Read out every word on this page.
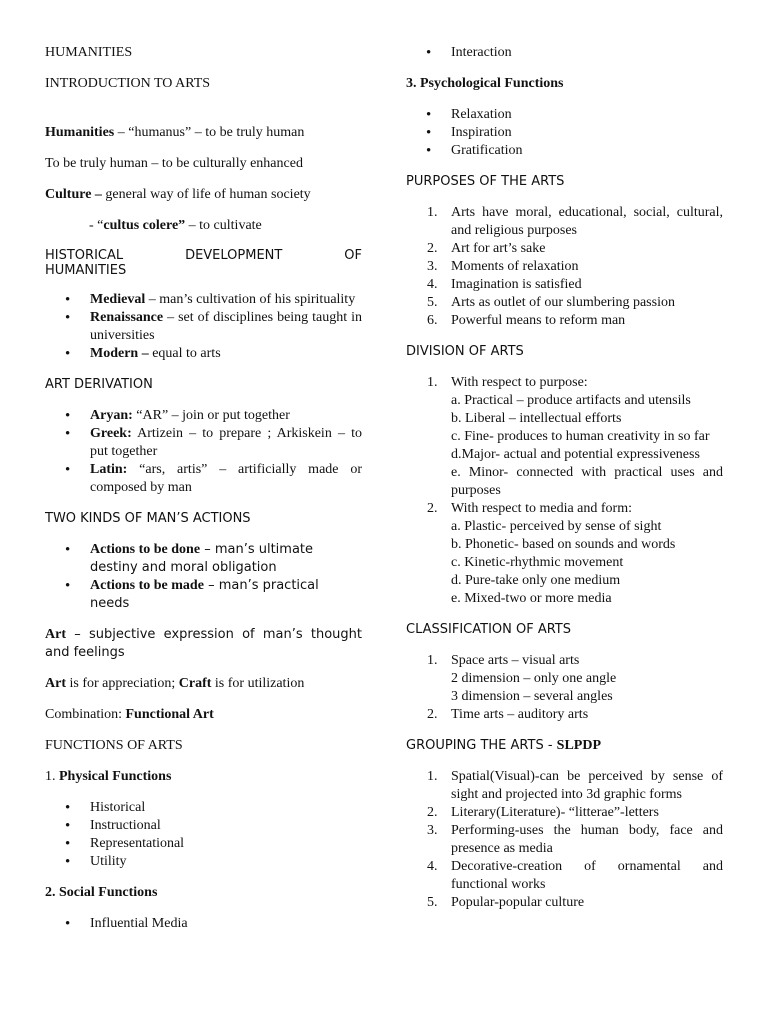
HUMANITIES

INTRODUCTION TO ARTS

Humanities – “humanus” – to be truly human

To be truly human – to be culturally enhanced

Culture – general way of life of human society

- “cultus colere” – to cultivate

HISTORICAL	DEVELOPMENT	OF
HUMANITIES
• Medieval – man’s cultivation of his spirituality
• Renaissance – set of disciplines being taught in universities
• Modern – equal to arts

ART DERIVATION

• Aryan: “AR” – join or put together
• Greek: Artizein – to prepare ; Arkiskein – to put together
• Latin: “ars, artis” – artificially made or composed by man

TWO KINDS OF MAN’S ACTIONS

• Actions to be done – man’s ultimate destiny and moral obligation
• Actions to be made – man’s practical needs

Art – subjective expression of man’s thought and feelings

Art is for appreciation; Craft is for utilization

Combination: Functional Art

FUNCTIONS OF ARTS

1. Physical Functions

• Historical
• Instructional
• Representational
• Utility

2. Social Functions

• Influential Media
• Interaction

3. Psychological Functions

• Relaxation
• Inspiration
• Gratification

PURPOSES OF THE ARTS

1. Arts have moral, educational, social, cultural, and religious purposes
2. Art for art’s sake
3. Moments of relaxation
4. Imagination is satisfied
5. Arts as outlet of our slumbering passion
6. Powerful means to reform man

DIVISION OF ARTS

1. With respect to purpose:
a. Practical – produce artifacts and utensils
b. Liberal – intellectual efforts
c. Fine- produces to human creativity in so far
d.Major- actual and potential expressiveness
e. Minor- connected with practical uses and purposes
2. With respect to media and form:
a. Plastic- perceived by sense of sight
b. Phonetic- based on sounds and words
c. Kinetic-rhythmic movement
d. Pure-take only one medium
e. Mixed-two or more media

CLASSIFICATION OF ARTS

1. Space arts – visual arts
2 dimension – only one angle
3 dimension – several angles
2. Time arts – auditory arts

GROUPING THE ARTS - SLPDP

1. Spatial(Visual)-can be perceived by sense of sight and projected into 3d graphic forms
2. Literary(Literature)- “litterae”-letters
3. Performing-uses the human body, face and presence as media
4. Decorative-creation of ornamental and functional works
5. Popular-popular culture
